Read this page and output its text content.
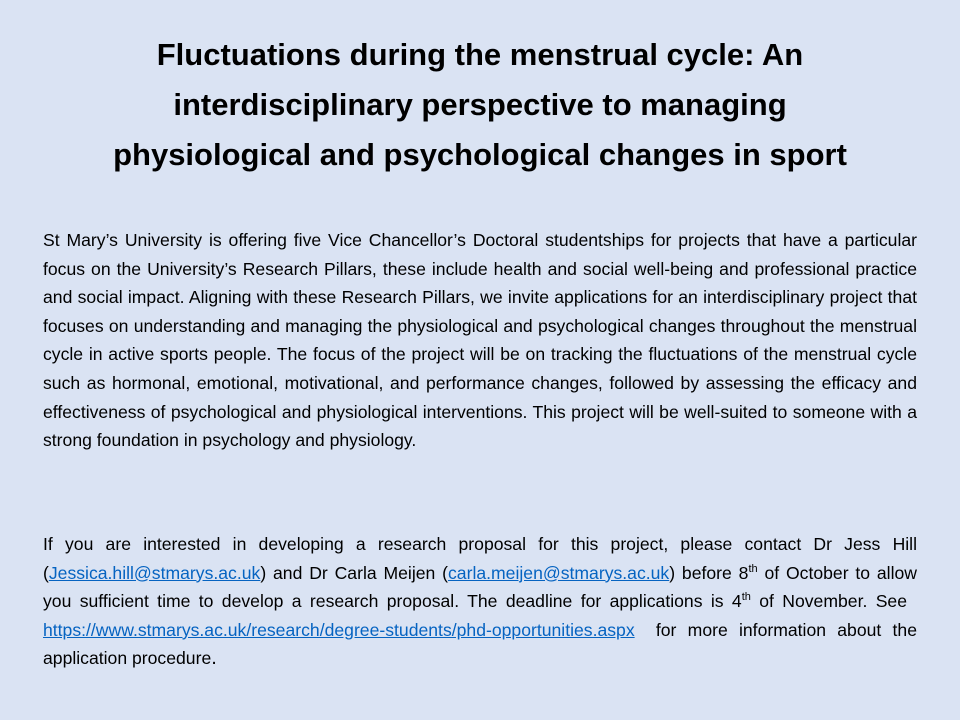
Fluctuations during the menstrual cycle: An
interdisciplinary perspective to managing
physiological and psychological changes in sport

St Mary’s University is offering five Vice Chancellor’s Doctoral studentships for projects that have a particular focus on the University’s Research Pillars, these include health and social well-being and professional practice and social impact. Aligning with these Research Pillars, we invite applications for an interdisciplinary project that focuses on understanding and managing the physiological and psychological changes throughout the menstrual cycle in active sports people. The focus of the project will be on tracking the fluctuations of the menstrual cycle such as hormonal, emotional, motivational, and performance changes, followed by assessing the efficacy and effectiveness of psychological and physiological interventions. This project will be well-suited to someone with a strong foundation in psychology and physiology.

If you are interested in developing a research proposal for this project, please contact Dr Jess Hill (Jessica.hill@stmarys.ac.uk) and Dr Carla Meijen (carla.meijen@stmarys.ac.uk) before 8th of October to allow you sufficient time to develop a research proposal. The deadline for applications is 4th of November. Seehttps://www.stmarys.ac.uk/research/degree-students/phd-opportunities.aspx for more information about the application procedure.
